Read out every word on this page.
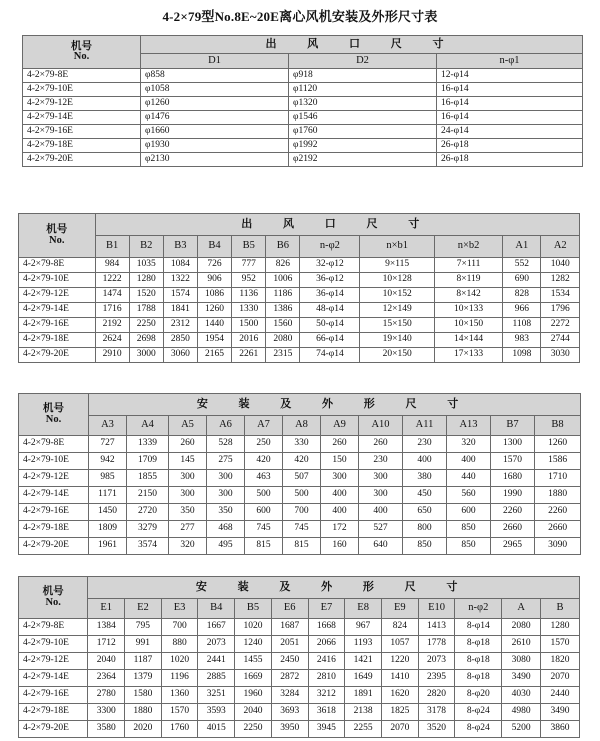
4-2×79型No.8E~20E离心风机安装及外形尺寸表
机号
No.	出 风 口 尺 寸		
	D1	D2	n-φ1
4-2×79-8E	φ858	φ918	12-φ14
4-2×79-10E	φ1058	φ1120	16-φ14
4-2×79-12E	φ1260	φ1320	16-φ14
4-2×79-14E	φ1476	φ1546	16-φ14
4-2×79-16E	φ1660	φ1760	24-φ14
4-2×79-18E	φ1930	φ1992	26-φ18
4-2×79-20E	φ2130	φ2192	26-φ18
机号
No.	出 风 口 尺 寸										
	B1	B2	B3	B4	B5	B6	n-φ2	n×b1	n×b2	A1	A2
4-2×79-8E	984	1035	1084	726	777	826	32-φ12	9×115	7×111	552	1040
4-2×79-10E	1222	1280	1322	906	952	1006	36-φ12	10×128	8×119	690	1282
4-2×79-12E	1474	1520	1574	1086	1136	1186	36-φ14	10×152	8×142	828	1534
4-2×79-14E	1716	1788	1841	1260	1330	1386	48-φ14	12×149	10×133	966	1796
4-2×79-16E	2192	2250	2312	1440	1500	1560	50-φ14	15×150	10×150	1108	2272
4-2×79-18E	2624	2698	2850	1954	2016	2080	66-φ14	19×140	14×144	983	2744
4-2×79-20E	2910	3000	3060	2165	2261	2315	74-φ14	20×150	17×133	1098	3030
机号
No.	安 装 及 外 形 尺 寸											
	A3	A4	A5	A6	A7	A8	A9	A10	A11	A13	B7	B8
4-2×79-8E	727	1339	260	528	250	330	260	260	230	320	1300	1260
4-2×79-10E	942	1709	145	275	420	420	150	230	400	400	1570	1586
4-2×79-12E	985	1855	300	300	463	507	300	300	380	440	1680	1710
4-2×79-14E	1171	2150	300	300	500	500	400	300	450	560	1990	1880
4-2×79-16E	1450	2720	350	350	600	700	400	400	650	600	2260	2260
4-2×79-18E	1809	3279	277	468	745	745	172	527	800	850	2660	2660
4-2×79-20E	1961	3574	320	495	815	815	160	640	850	850	2965	3090
机号
No.	安 装 及 外 形 尺 寸												
	E1	E2	E3	B4	B5	E6	E7	E8	E9	E10	n-φ2	A	B
4-2×79-8E	1384	795	700	1667	1020	1687	1668	967	824	1413	8-φ14	2080	1280
4-2×79-10E	1712	991	880	2073	1240	2051	2066	1193	1057	1778	8-φ18	2610	1570
4-2×79-12E	2040	1187	1020	2441	1455	2450	2416	1421	1220	2073	8-φ18	3080	1820
4-2×79-14E	2364	1379	1196	2885	1669	2872	2810	1649	1410	2395	8-φ18	3490	2070
4-2×79-16E	2780	1580	1360	3251	1960	3284	3212	1891	1620	2820	8-φ20	4030	2440
4-2×79-18E	3300	1880	1570	3593	2040	3693	3618	2138	1825	3178	8-φ24	4980	3490
4-2×79-20E	3580	2020	1760	4015	2250	3950	3945	2255	2070	3520	8-φ24	5200	3860
